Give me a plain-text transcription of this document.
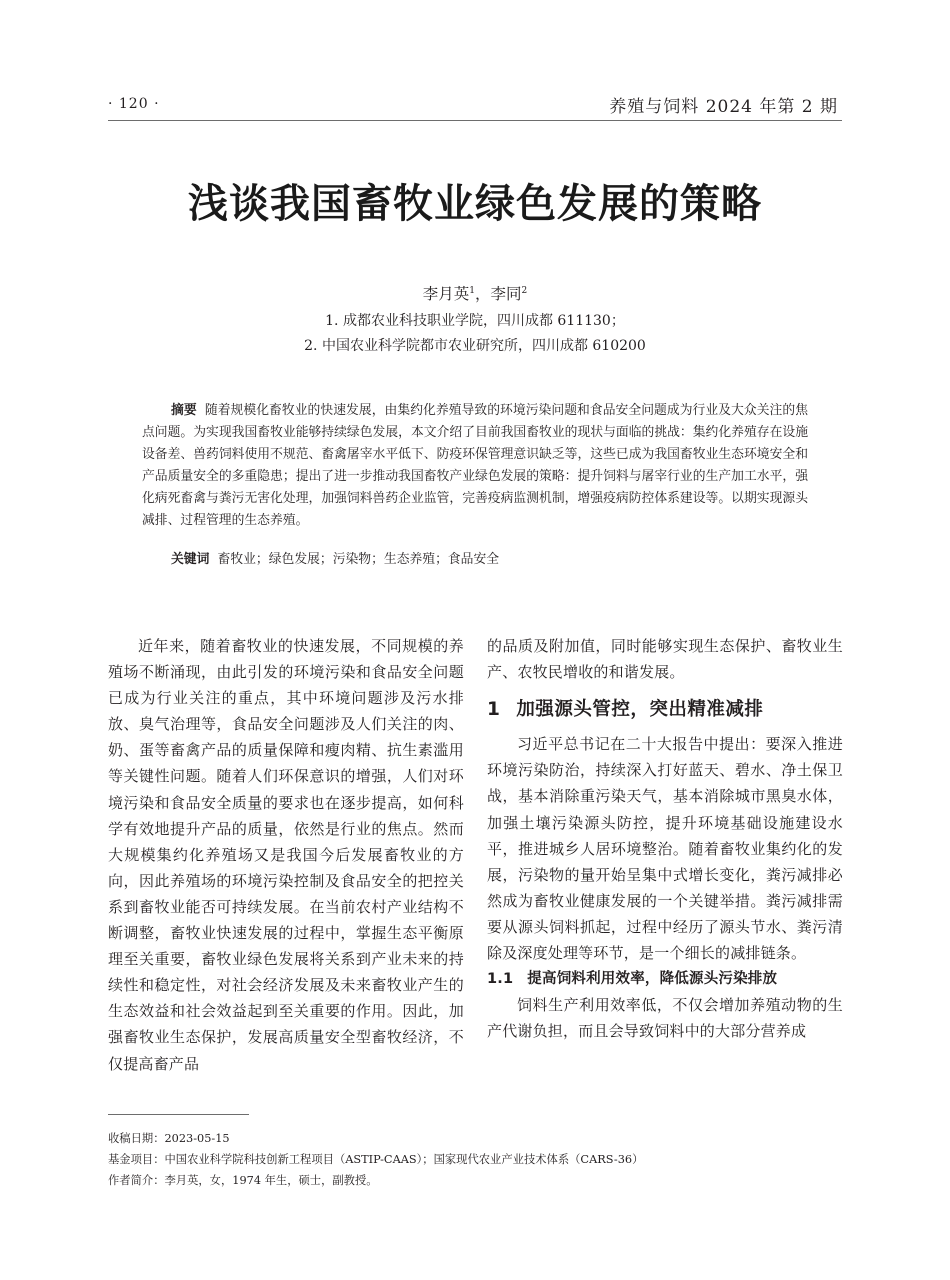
· 120 ·	养殖与饲料 2024 年第 2 期
浅谈我国畜牧业绿色发展的策略
李月英$^1$，李同$^2$
1. 成都农业科技职业学院，四川成都 611130；
2. 中国农业科学院都市农业研究所，四川成都 610200
摘要 随着规模化畜牧业的快速发展，由集约化养殖导致的环境污染问题和食品安全问题成为行业及大众关注的焦点问题。为实现我国畜牧业能够持续绿色发展，本文介绍了目前我国畜牧业的现状与面临的挑战：集约化养殖存在设施设备差、兽药饲料使用不规范、畜禽屠宰水平低下、防疫环保管理意识缺乏等，这些已成为我国畜牧业生态环境安全和产品质量安全的多重隐患；提出了进一步推动我国畜牧产业绿色发展的策略：提升饲料与屠宰行业的生产加工水平，强化病死畜禽与粪污无害化处理，加强饲料兽药企业监管，完善疫病监测机制，增强疫病防控体系建设等。以期实现源头减排、过程管理的生态养殖。
关键词 畜牧业；绿色发展；污染物；生态养殖；食品安全

近年来，随着畜牧业的快速发展，不同规模的养殖场不断涌现，由此引发的环境污染和食品安全问题已成为行业关注的重点，其中环境问题涉及污水排放、臭气治理等，食品安全问题涉及人们关注的肉、奶、蛋等畜禽产品的质量保障和瘦肉精、抗生素滥用等关键性问题。随着人们环保意识的增强，人们对环境污染和食品安全质量的要求也在逐步提高，如何科学有效地提升产品的质量，依然是行业的焦点。然而大规模集约化养殖场又是我国今后发展畜牧业的方向，因此养殖场的环境污染控制及食品安全的把控关系到畜牧业能否可持续发展。在当前农村产业结构不断调整，畜牧业快速发展的过程中，掌握生态平衡原理至关重要，畜牧业绿色发展将关系到产业未来的持续性和稳定性，对社会经济发展及未来畜牧业产生的生态效益和社会效益起到至关重要的作用。因此，加强畜牧业生态保护，发展高质量安全型畜牧经济，不仅提高畜产品

的品质及附加值，同时能够实现生态保护、畜牧业生产、农牧民增收的和谐发展。

1 加强源头管控，突出精准减排

习近平总书记在二十大报告中提出：要深入推进环境污染防治，持续深入打好蓝天、碧水、净土保卫战，基本消除重污染天气，基本消除城市黑臭水体，加强土壤污染源头防控，提升环境基础设施建设水平，推进城乡人居环境整治。随着畜牧业集约化的发展，污染物的量开始呈集中式增长变化，粪污减排必然成为畜牧业健康发展的一个关键举措。粪污减排需要从源头饲料抓起，过程中经历了源头节水、粪污清除及深度处理等环节，是一个细长的减排链条。

1.1 提高饲料利用效率，降低源头污染排放

饲料生产利用效率低，不仅会增加养殖动物的生产代谢负担，而且会导致饲料中的大部分营养成

收稿日期：2023-05-15
基金项目：中国农业科学院科技创新工程项目（ASTIP-CAAS）；国家现代农业产业技术体系（CARS-36）
作者简介：李月英，女，1974 年生，硕士，副教授。
